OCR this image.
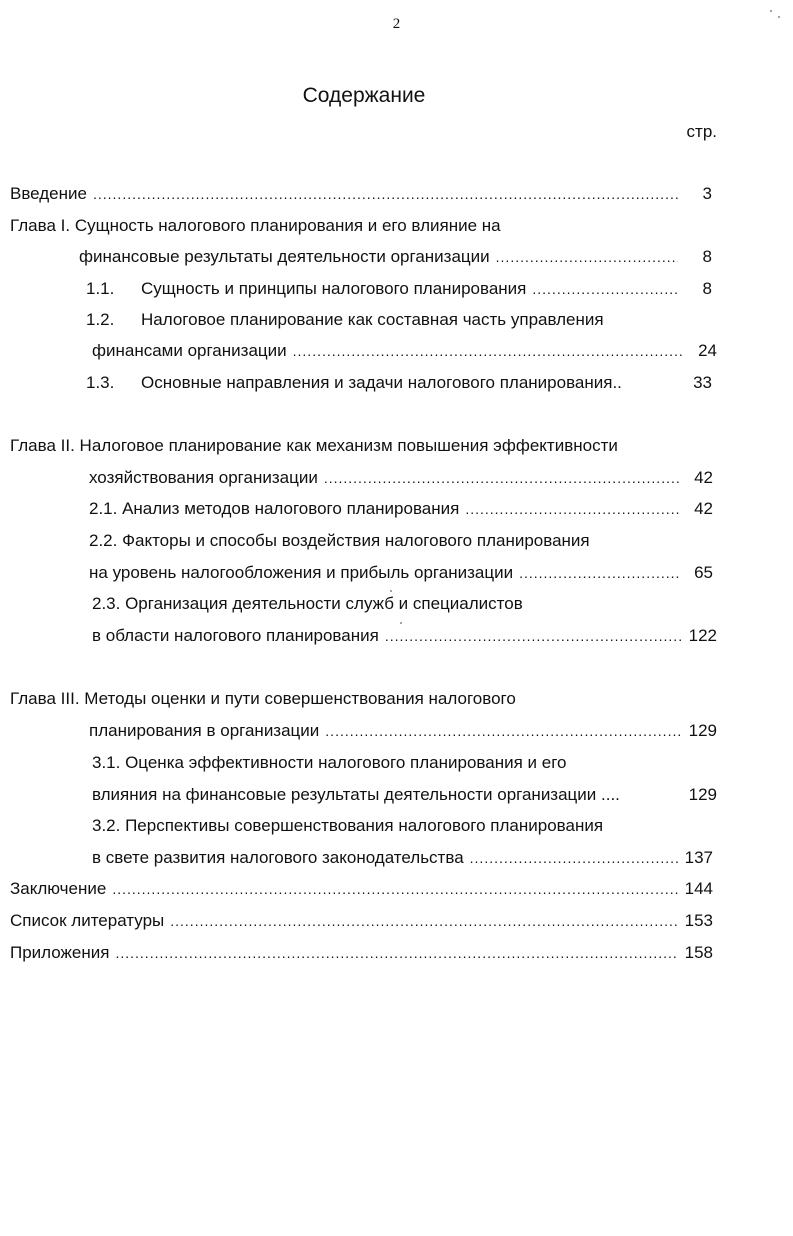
2
Содержание
стр.
Введение .....	3
Глава I. Сущность налогового планирования и его влияние на
финансовые результаты деятельности организации .....	8
1.1.	Сущность и принципы налогового планирования .....	8
1.2.	Налоговое планирование как составная часть управления
финансами организации .....	24
1.3.	Основные направления и задачи налогового планирования..	33
Глава II. Налоговое планирование как механизм повышения эффективности
хозяйствования организации .....	42
2.1. Анализ методов налогового планирования .....	42
2.2. Факторы и способы воздействия налогового планирования
на уровень налогообложения и прибыль организации .....	65
2.3. Организация деятельности служб и специалистов
в области налогового планирования .....	122
Глава III. Методы оценки и пути совершенствования налогового
планирования в организации .....	129
3.1. Оценка эффективности налогового планирования и его
влияния на финансовые результаты деятельности организации ....	129
3.2. Перспективы совершенствования налогового планирования
в свете развития налогового законодательства .....	137
Заключение .....	144
Список литературы .....	153
Приложения .....	158
